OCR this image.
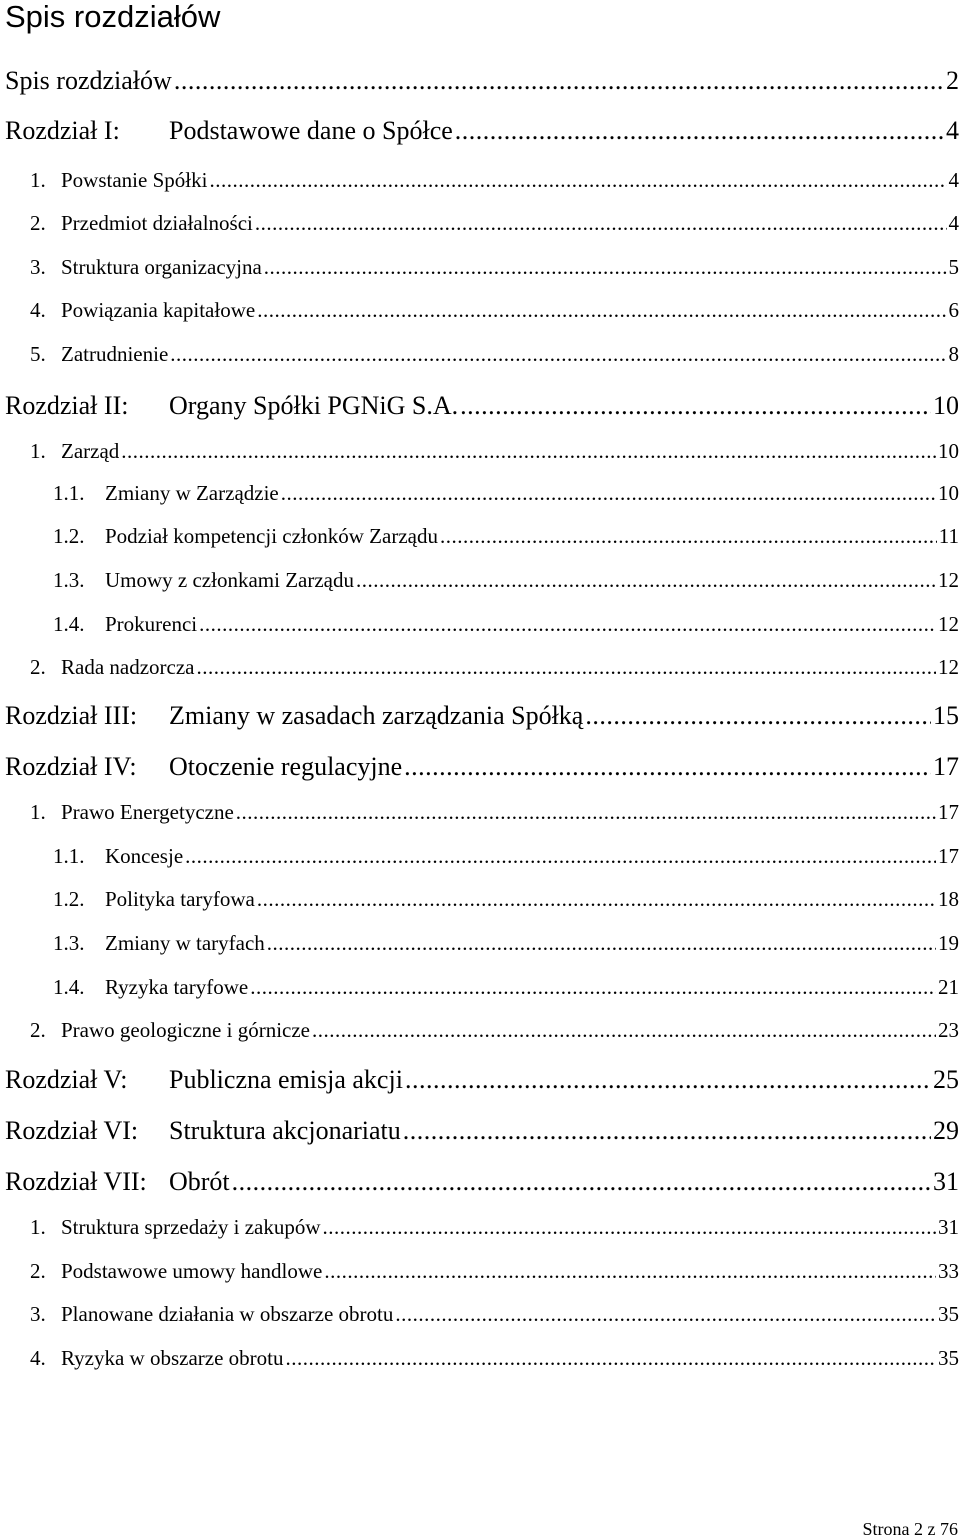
Spis rozdziałów
Spis rozdziałów .....	2
Rozdział I:	Podstawowe dane o Spółce .....	4
1. Powstanie Spółki .....	4
2. Przedmiot działalności .....	4
3. Struktura organizacyjna .....	5
4. Powiązania kapitałowe .....	6
5. Zatrudnienie .....	8
Rozdział II:	Organy Spółki PGNiG S.A. .....	10
1. Zarząd .....	10
1.1. Zmiany w Zarządzie .....	10
1.2. Podział kompetencji członków Zarządu .....	11
1.3. Umowy z członkami Zarządu .....	12
1.4. Prokurenci .....	12
2. Rada nadzorcza .....	12
Rozdział III:	Zmiany w zasadach zarządzania Spółką .....	15
Rozdział IV:	Otoczenie regulacyjne .....	17
1. Prawo Energetyczne .....	17
1.1. Koncesje .....	17
1.2. Polityka taryfowa .....	18
1.3. Zmiany w taryfach .....	19
1.4. Ryzyka taryfowe .....	21
2. Prawo geologiczne i górnicze .....	23
Rozdział V:	Publiczna emisja akcji .....	25
Rozdział VI:	Struktura akcjonariatu .....	29
Rozdział VII: Obrót .....	31
1. Struktura sprzedaży i zakupów .....	31
2. Podstawowe umowy handlowe .....	33
3. Planowane działania w obszarze obrotu .....	35
4. Ryzyka w obszarze obrotu .....	35
Strona 2 z 76
